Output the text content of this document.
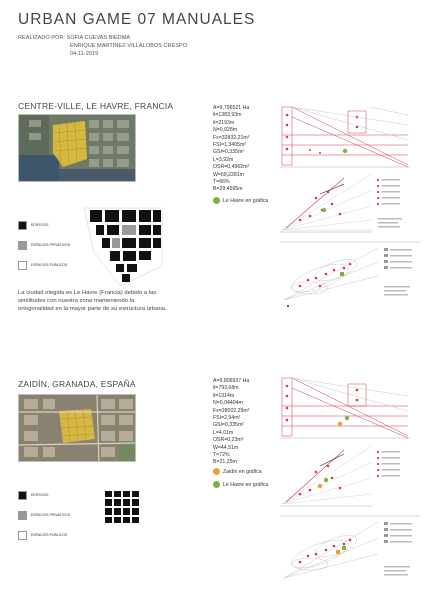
URBAN GAME 07 MANUALES
REALIZADO POR: SOFIA CUEVAS BIEDMA
ENRIQUE MARTÍNEZ-VILLALOBOS CRESPO
04-11-2019
CENTRE-VILLE, LE HAVRE, FRANCIA
EDIFICIOS
ESPACIOS PRIVATIVOS
ESPACIOS PÚBLICOS
La ciudad elegida es Le Havre (Francia) debido a las similitudes con nuestra zona manteniendo la ortogonalidad en la mayor parte de su estructura urbana.
A=9,796521 Ha
li=1383,93m
li=2193m
N=0,028m
Fx=32832,21m²
FSI=1,3405m²
GSI=0,335m²
L=3,92m
OSR=0,4962m²
W=69,2281m
T=66%
B=29,4595m
Le Havre en gráfica
ZAIDÍN, GRANADA, ESPAÑA
EDIFICIOS
ESPACIOS PRIVATIVOS
ESPACIOS PÚBLICOS
A=9,806937 Ha
li=793,68m
li=1314m
N=0,04404m
Fx=28002,29m²
FSI=2,94m²
GSI=0,335m²
L=4,01m
OSR=0,23m²
W=44,51m
T=72%
B=21,25m
Zaidín en gráfica
Le Havre en gráfica
